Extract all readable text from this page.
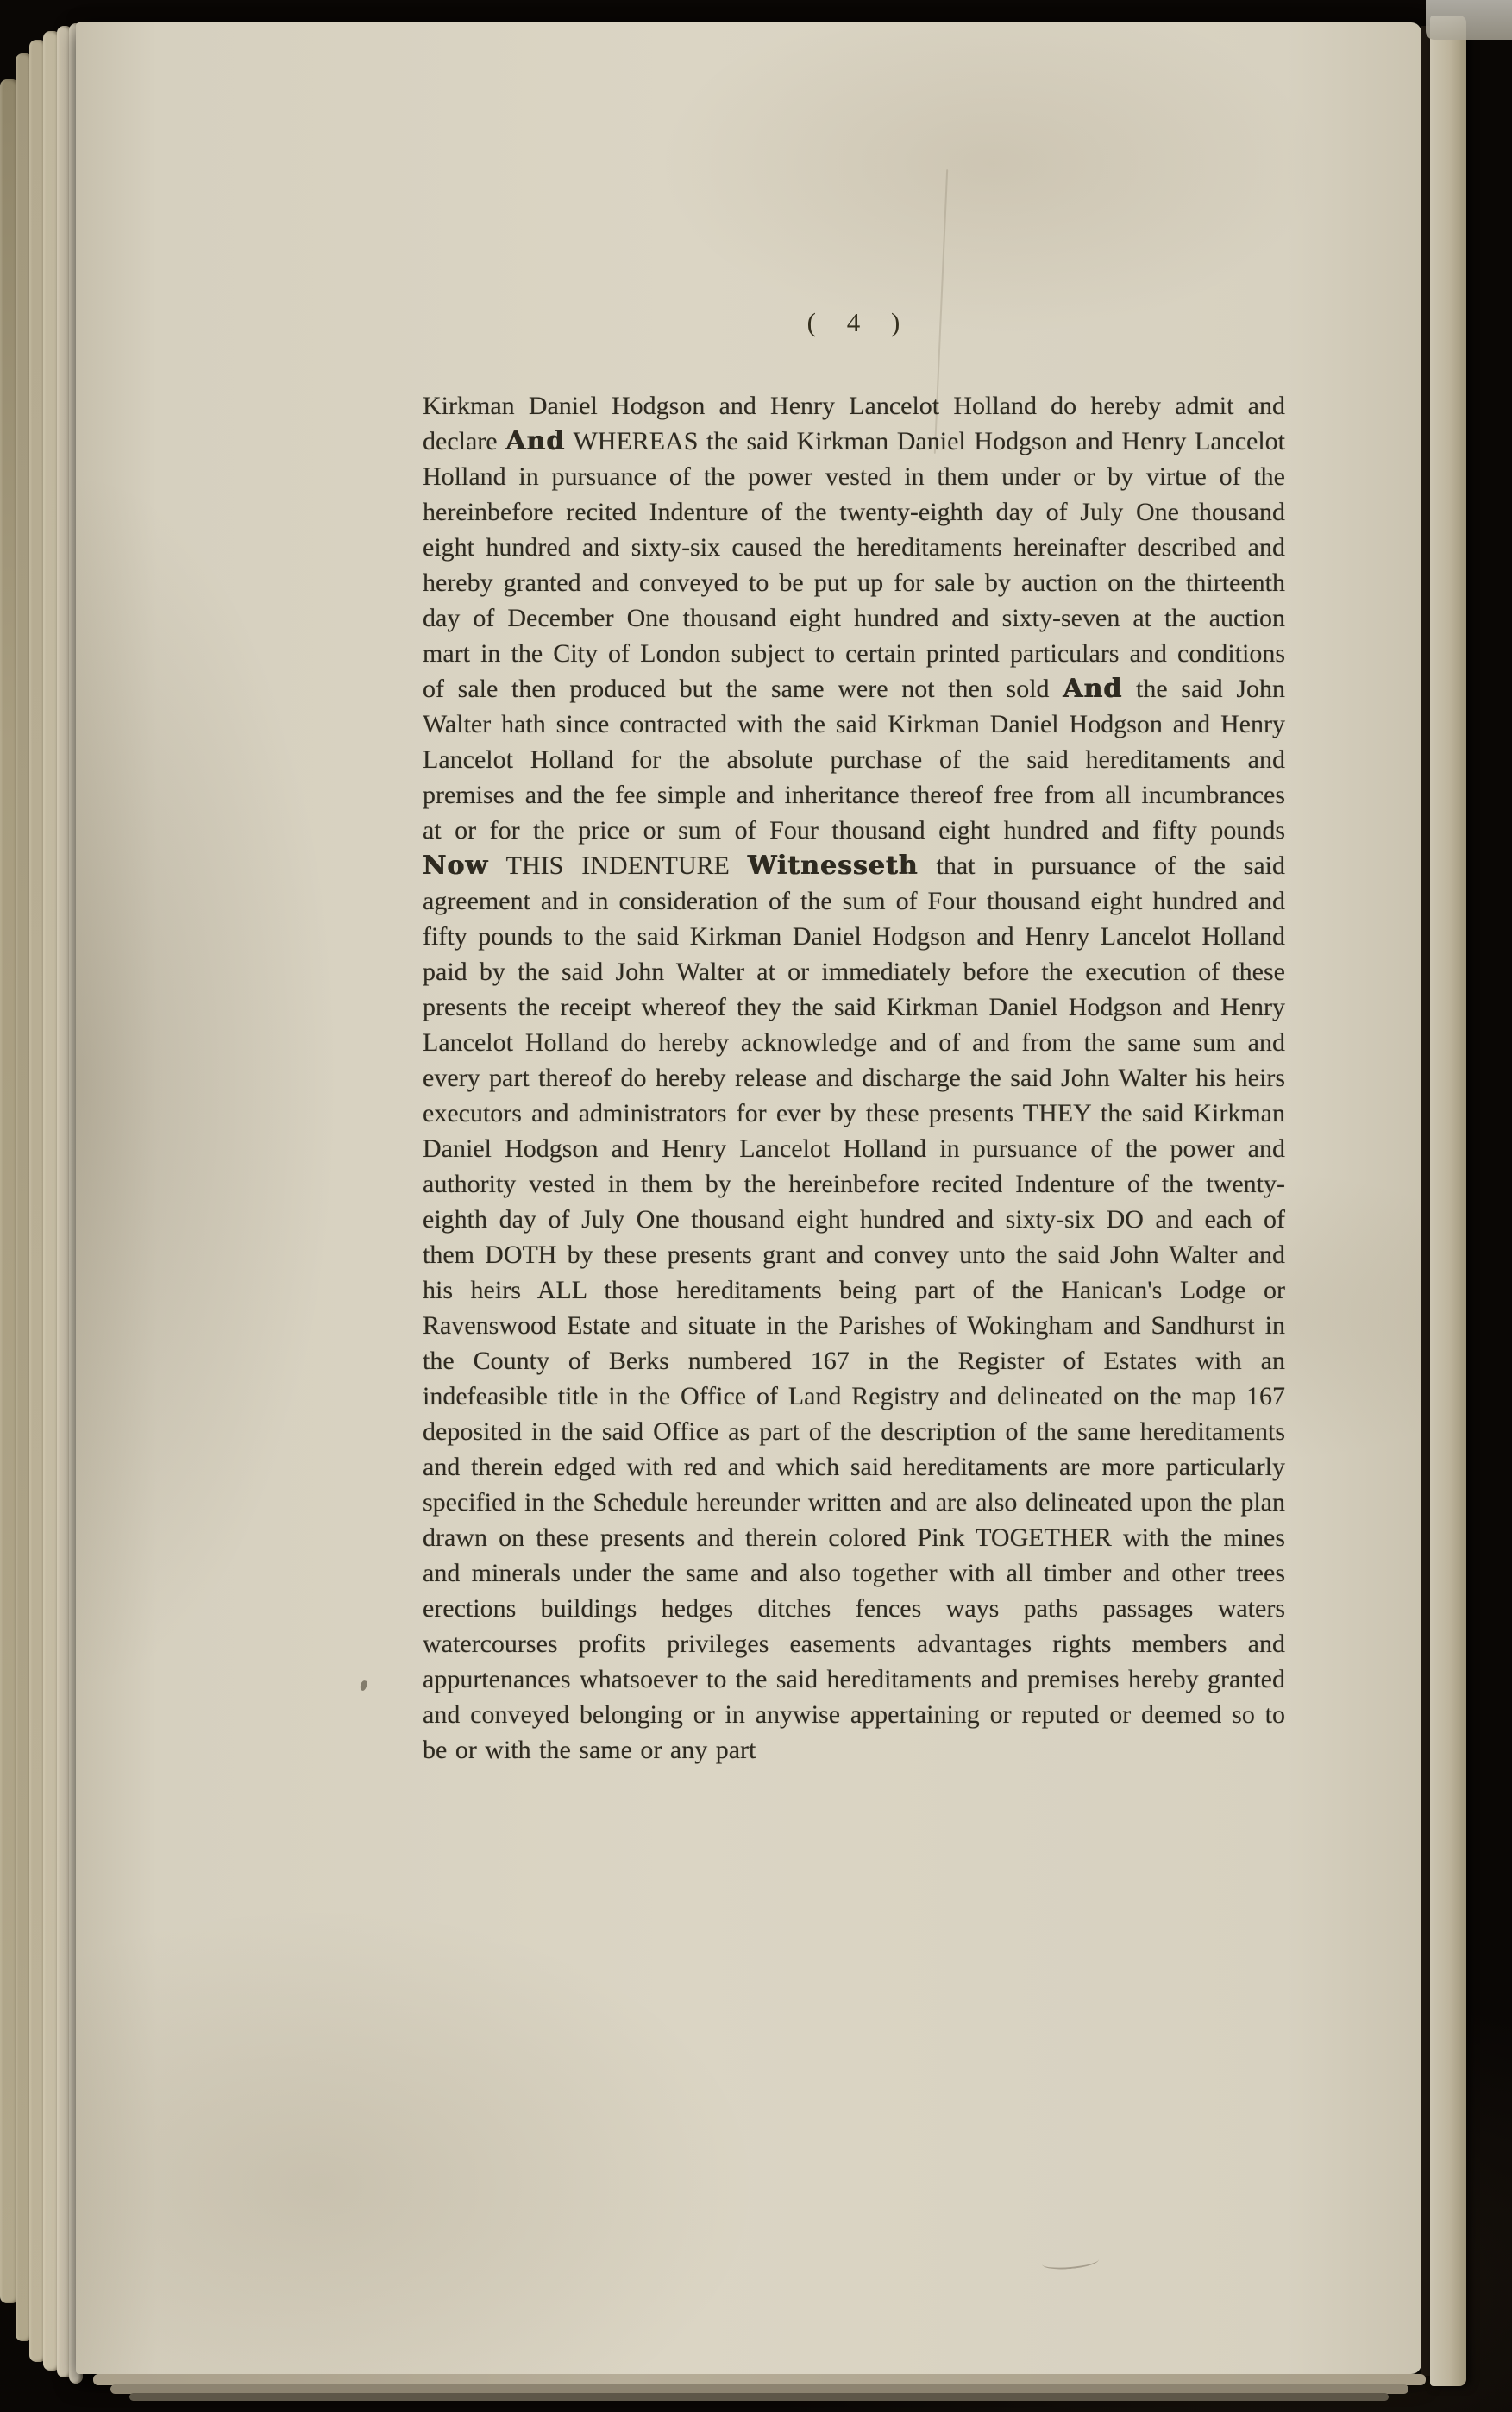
( 4 )
Kirkman Daniel Hodgson and Henry Lancelot Holland do hereby admit and declare And WHEREAS the said Kirkman Daniel Hodgson and Henry Lancelot Holland in pursuance of the power vested in them under or by virtue of the hereinbefore recited Indenture of the twenty-eighth day of July One thousand eight hundred and sixty-six caused the hereditaments hereinafter described and hereby granted and conveyed to be put up for sale by auction on the thirteenth day of December One thousand eight hundred and sixty-seven at the auction mart in the City of London subject to certain printed particulars and conditions of sale then produced but the same were not then sold And the said John Walter hath since contracted with the said Kirkman Daniel Hodgson and Henry Lancelot Holland for the absolute purchase of the said hereditaments and premises and the fee simple and inheritance thereof free from all incumbrances at or for the price or sum of Four thousand eight hundred and fifty pounds Now THIS INDENTURE Witnesseth that in pursuance of the said agreement and in consideration of the sum of Four thousand eight hundred and fifty pounds to the said Kirkman Daniel Hodgson and Henry Lancelot Holland paid by the said John Walter at or immediately before the execution of these presents the receipt whereof they the said Kirkman Daniel Hodgson and Henry Lancelot Holland do hereby acknowledge and of and from the same sum and every part thereof do hereby release and discharge the said John Walter his heirs executors and administrators for ever by these presents THEY the said Kirkman Daniel Hodgson and Henry Lancelot Holland in pursuance of the power and authority vested in them by the hereinbefore recited Indenture of the twenty-eighth day of July One thousand eight hundred and sixty-six DO and each of them DOTH by these presents grant and convey unto the said John Walter and his heirs ALL those hereditaments being part of the Hanican's Lodge or Ravenswood Estate and situate in the Parishes of Wokingham and Sandhurst in the County of Berks numbered 167 in the Register of Estates with an indefeasible title in the Office of Land Registry and delineated on the map 167 deposited in the said Office as part of the description of the same hereditaments and therein edged with red and which said hereditaments are more particularly specified in the Schedule hereunder written and are also delineated upon the plan drawn on these presents and therein colored Pink TOGETHER with the mines and minerals under the same and also together with all timber and other trees erections buildings hedges ditches fences ways paths passages waters watercourses profits privileges easements advantages rights members and appurtenances whatsoever to the said hereditaments and premises hereby granted and conveyed belonging or in anywise appertaining or reputed or deemed so to be or with the same or any part
